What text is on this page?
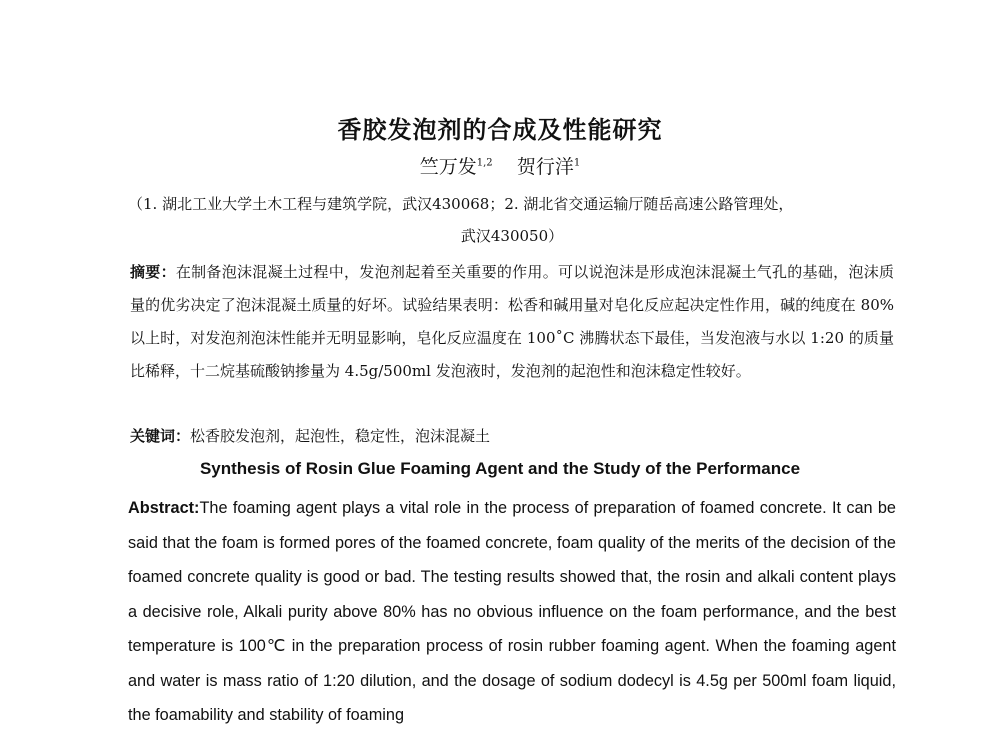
香胶发泡剂的合成及性能研究
竺万发$^{1,2}$ 贺行洋$^1$
（1. 湖北工业大学土木工程与建筑学院，武汉430068；2. 湖北省交通运输厅随岳高速公路管理处，
武汉430050）
摘要：在制备泡沫混凝土过程中，发泡剂起着至关重要的作用。可以说泡沫是形成泡沫混凝土气孔的基础，泡沫质量的优劣决定了泡沫混凝土质量的好坏。试验结果表明：松香和碱用量对皂化反应起决定性作用，碱的纯度在 80%以上时，对发泡剂泡沫性能并无明显影响，皂化反应温度在 100˚C 沸腾状态下最佳，当发泡液与水以 1:20 的质量比稀释，十二烷基硫酸钠掺量为 4.5g/500ml 发泡液时，发泡剂的起泡性和泡沫稳定性较好。
关键词：松香胶发泡剂，起泡性，稳定性，泡沫混凝土
Synthesis of Rosin Glue Foaming Agent and the Study of the Performance
Abstract:The foaming agent plays a vital role in the process of preparation of foamed concrete. It can be said that the foam is formed pores of the foamed concrete, foam quality of the merits of the decision of the foamed concrete quality is good or bad. The testing results showed that, the rosin and alkali content plays a decisive role, Alkali purity above 80% has no obvious influence on the foam performance, and the best temperature is 100℃ in the preparation process of rosin rubber foaming agent. When the foaming agent and water is mass ratio of 1:20 dilution, and the dosage of sodium dodecyl is 4.5g per 500ml foam liquid, the foamability and stability of foaming
